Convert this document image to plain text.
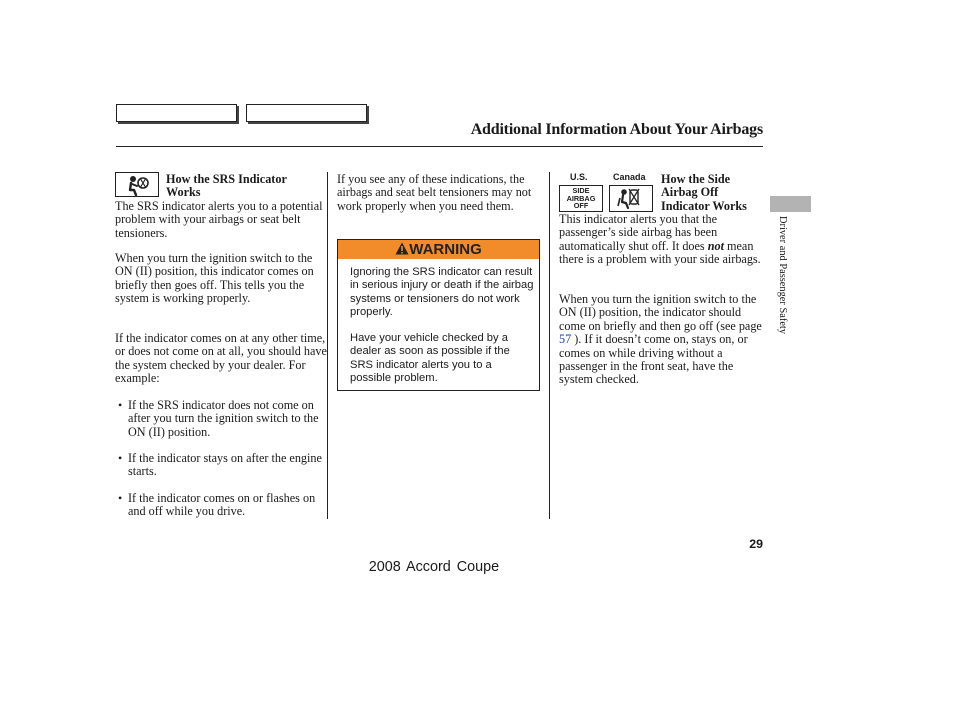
Additional Information About Your Airbags
How the SRS Indicator Works
The SRS indicator alerts you to a potential problem with your airbags or seat belt tensioners.
When you turn the ignition switch to the ON (II) position, this indicator comes on briefly then goes off. This tells you the system is working properly.
If the indicator comes on at any other time, or does not come on at all, you should have the system checked by your dealer. For example:
• If the SRS indicator does not come on after you turn the ignition switch to the ON (II) position.

• If the indicator stays on after the engine starts.

• If the indicator comes on or flashes on and off while you drive.

If you see any of these indications, the airbags and seat belt tensioners may not work properly when you need them.
WARNING
Ignoring the SRS indicator can result in serious injury or death if the airbag systems or tensioners do not work properly.
Have your vehicle checked by a dealer as soon as possible if the SRS indicator alerts you to a possible problem.
U.S.	Canada
SIDE AIRBAG OFF
How the Side Airbag Off Indicator Works
This indicator alerts you that the passenger’s side airbag has been automatically shut off. It does not mean there is a problem with your side airbags.
When you turn the ignition switch to the ON (II) position, the indicator should come on briefly and then go off (see page 57 ). If it doesn’t come on, stays on, or comes on while driving without a passenger in the front seat, have the system checked.
Driver and Passenger Safety
29
2008 Accord Coupe
